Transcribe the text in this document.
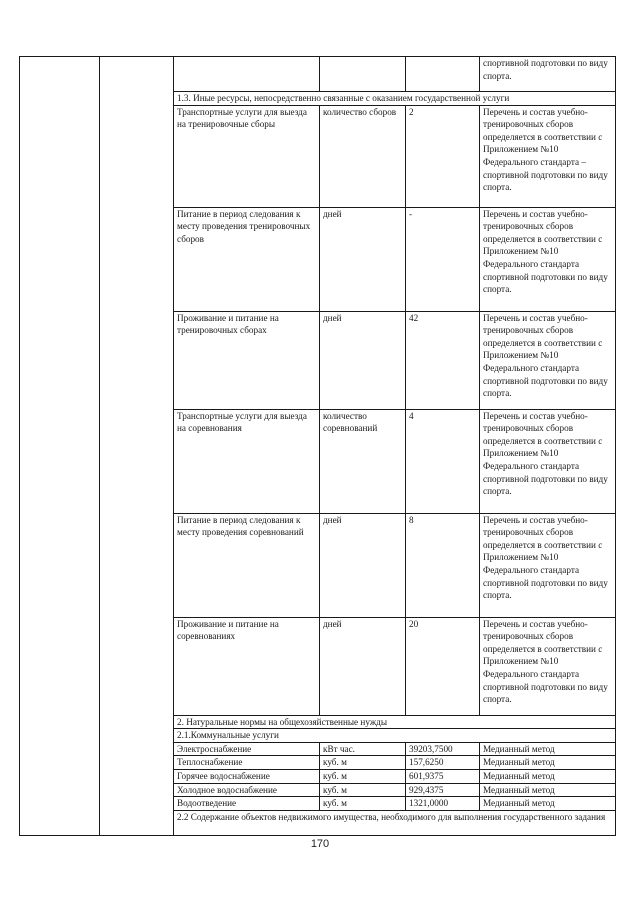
					спортивной подготовки по виду спорта.
		1.3. Иные ресурсы, непосредственно связанные с оказанием государственной услуги			
		Транспортные услуги для выезда на тренировочные сборы	количество сборов	2	Перечень и состав учебно-тренировочных сборов определяется в соответствии с Приложением №10 Федерального стандарта – спортивной подготовки по виду спорта.
		Питание в период следования к месту проведения тренировочных сборов	дней	-	Перечень и состав учебно-тренировочных сборов определяется в соответствии с Приложением №10 Федерального стандарта спортивной подготовки по виду спорта.
		Проживание и питание на тренировочных сборах	дней	42	Перечень и состав учебно-тренировочных сборов определяется в соответствии с Приложением №10 Федерального стандарта спортивной подготовки по виду спорта.
		Транспортные услуги для выезда на соревнования	количество соревнований	4	Перечень и состав учебно-тренировочных сборов определяется в соответствии с Приложением №10 Федерального стандарта спортивной подготовки по виду спорта.
		Питание в период следования к месту проведения соревнований	дней	8	Перечень и состав учебно-тренировочных сборов определяется в соответствии с Приложением №10 Федерального стандарта спортивной подготовки по виду спорта.
		Проживание и питание на соревнованиях	дней	20	Перечень и состав учебно-тренировочных сборов определяется в соответствии с Приложением №10 Федерального стандарта спортивной подготовки по виду спорта.
		2. Натуральные нормы на общехозяйственные нужды			
		2.1.Коммунальные услуги			
		Электроснабжение	кВт час.	39203,7500	Медианный метод
		Теплоснабжение	куб. м	157,6250	Медианный метод
		Горячее водоснабжение	куб. м	601,9375	Медианный метод
		Холодное водоснабжение	куб. м	929,4375	Медианный метод
		Водоотведение	куб. м	1321,0000	Медианный метод
		2.2 Содержание объектов недвижимого имущества, необходимого для выполнения государственного задания			
170
